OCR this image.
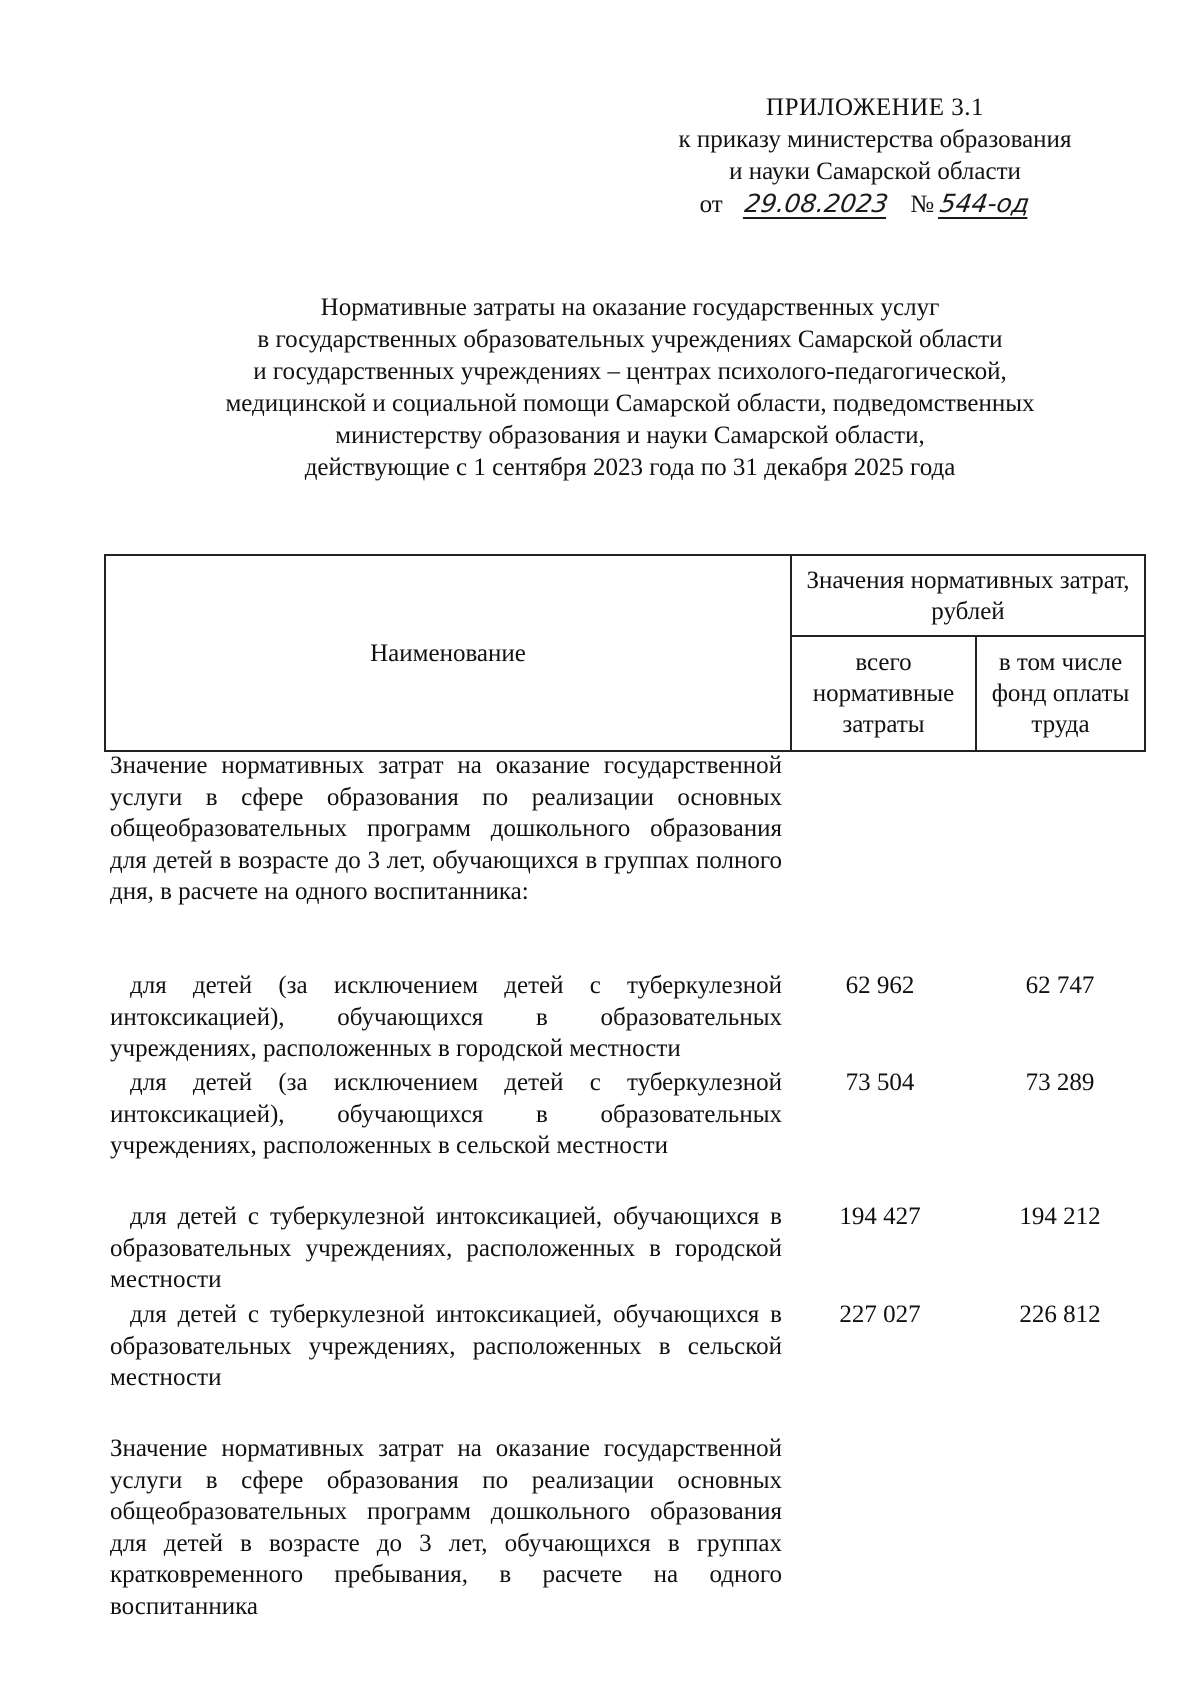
ПРИЛОЖЕНИЕ 3.1
к приказу министерства образования
и науки Самарской области
от 29.08.2023 № 544-од
Нормативные затраты на оказание государственных услуг
в государственных образовательных учреждениях Самарской области
и государственных учреждениях – центрах психолого-педагогической,
медицинской и социальной помощи Самарской области, подведомственных
министерству образования и науки Самарской области,
действующие с 1 сентября 2023 года по 31 декабря 2025 года
Наименование	Значения нормативных затрат, рублей	
	всего нормативные затраты	в том числе фонд оплаты труда
Значение нормативных затрат на оказание государственной услуги в сфере образования по реализации основных общеобразовательных программ дошкольного образования для детей в возрасте до 3 лет, обучающихся в группах полного дня, в расчете на одного воспитанника:
для детей (за исключением детей с туберкулезной интоксикацией), обучающихся в образовательных учреждениях, расположенных в городской местности
62 962	62 747
для детей (за исключением детей с туберкулезной интоксикацией), обучающихся в образовательных учреждениях, расположенных в сельской местности
73 504	73 289
для детей с туберкулезной интоксикацией, обучающихся в образовательных учреждениях, расположенных в городской местности
194 427	194 212
для детей с туберкулезной интоксикацией, обучающихся в образовательных учреждениях, расположенных в сельской местности
227 027	226 812
Значение нормативных затрат на оказание государственной услуги в сфере образования по реализации основных общеобразовательных программ дошкольного образования для детей в возрасте до 3 лет, обучающихся в группах кратковременного пребывания, в расчете на одного воспитанника
